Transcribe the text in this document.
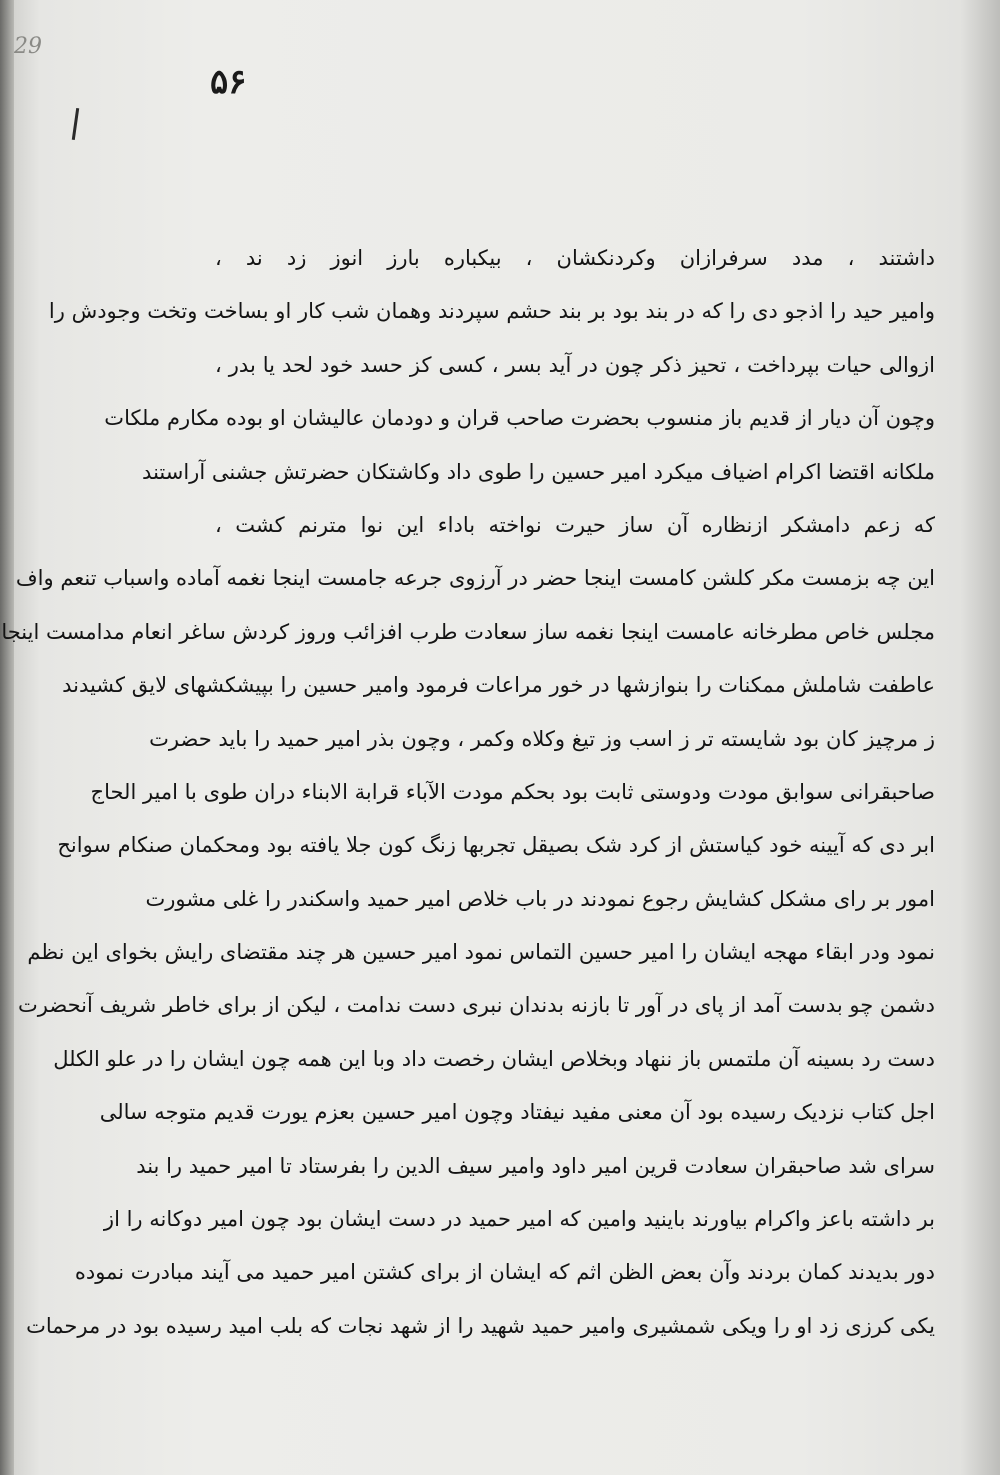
29
۵۶
داشتند ، مدد سرفرازان وکردنکشان ، بیکباره بارز انوز زد ند ،
وامیر حید را اذجو دی را که در بند بود بر بند حشم سپردند وهمان شب کار او بساخت وتخت وجودش را
ازوالی حیات بپرداخت ، تحیز ذکر چون در آید بسر ، کسی کز حسد خود لحد یا بدر ،
وچون آن دیار از قدیم باز منسوب بحضرت صاحب قران و دودمان عالیشان او بوده مکارم ملکات
ملکانه اقتضا اکرام اضیاف میکرد امیر حسین را طوی داد وکاشتکان حضرتش جشنی آراستند
که زعم دامشکر ازنظاره آن ساز حیرت نواخته باداء این نوا مترنم کشت ،
این چه بزمست مکر کلشن کامست اینجا حضر در آرزوی جرعه جامست اینجا نغمه آماده واسباب تنعم واف
مجلس خاص مطرخانه عامست اینجا نغمه ساز سعادت طرب افزائب وروز کردش ساغر انعام مدامست اینجا
عاطفت شاملش ممکنات را بنوازشها در خور مراعات فرمود وامیر حسین را بپیشکشهای لایق کشیدند
ز مرچیز کان بود شایسته تر ز اسب وز تیغ وکلاه وکمر ، وچون بذر امیر حمید را باید حضرت
صاحبقرانی سوابق مودت ودوستی ثابت بود بحکم مودت الآباء قرابة الابناء دران طوی با امیر الحاج
ابر دی که آیینه خود کیاستش از کرد شک بصیقل تجربها زنگ کون جلا یافته بود ومحکمان صنکام سوانح
امور بر رای مشکل کشایش رجوع نمودند در باب خلاص امیر حمید واسکندر را غلی مشورت
نمود ودر ابقاء مهجه ایشان را امیر حسین التماس نمود امیر حسین هر چند مقتضای رایش بخوای این نظم
دشمن چو بدست آمد از پای در آور تا بازنه بدندان نبری دست ندامت ، لیکن از برای خاطر شریف آنحضرت
دست رد بسینه آن ملتمس باز ننهاد وبخلاص ایشان رخصت داد وبا این همه چون ایشان را در علو الکلل
اجل کتاب نزدیک رسیده بود آن معنی مفید نیفتاد وچون امیر حسین بعزم یورت قدیم متوجه سالی
سرای شد صاحبقران سعادت قرین امیر داود وامیر سیف الدین را بفرستاد تا امیر حمید را بند
بر داشته باعز واکرام بیاورند باینید وامین که امیر حمید در دست ایشان بود چون امیر دوکانه را از
دور بدیدند کمان بردند وآن بعض الظن اثم که ایشان از برای کشتن امیر حمید می آیند مبادرت نموده
یکی کرزی زد او را ویکی شمشیری وامیر حمید شهید را از شهد نجات که بلب امید رسیده بود در مرحمات
